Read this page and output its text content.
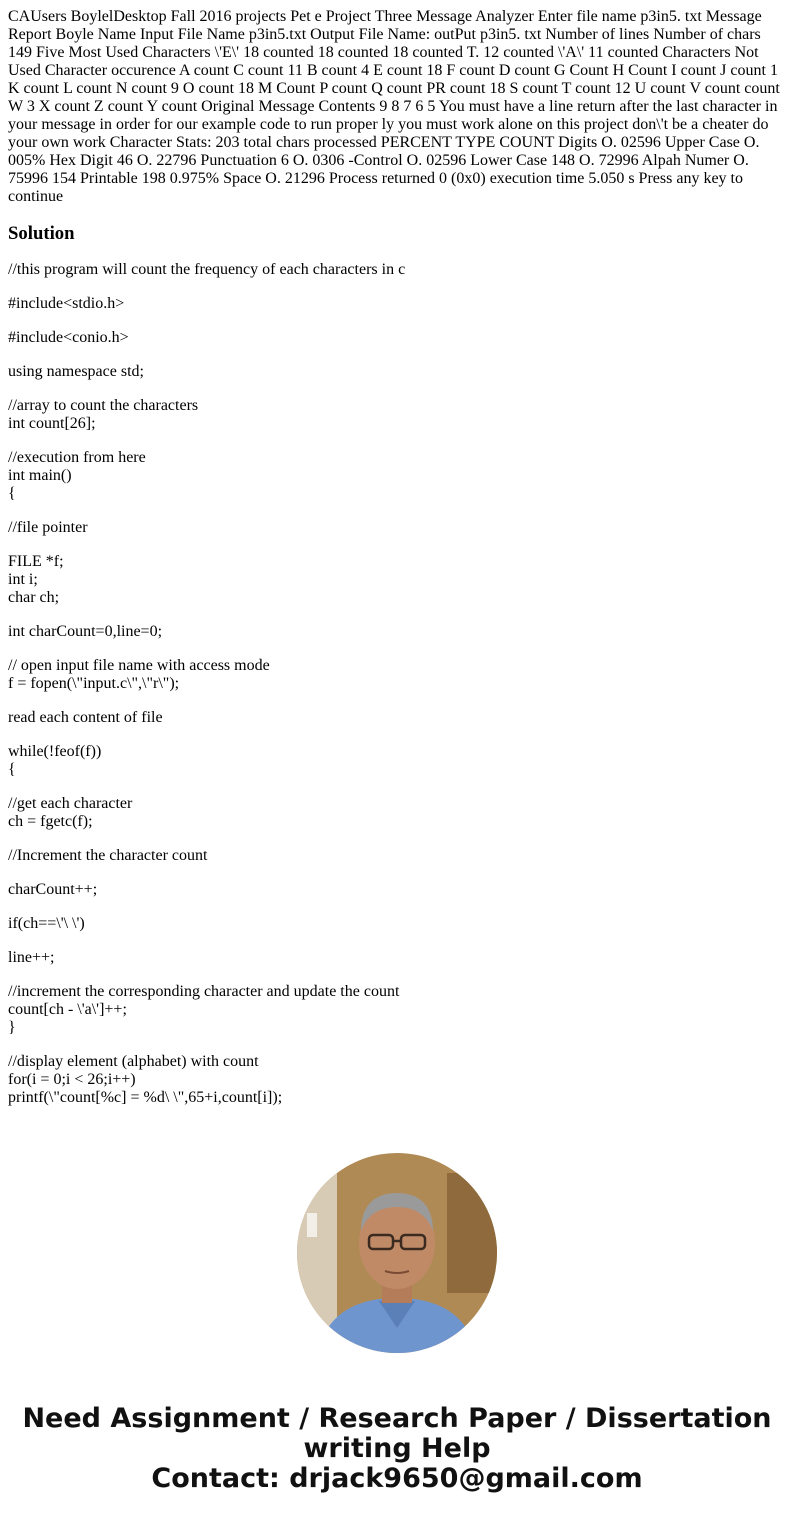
CAUsers BoylelDesktop Fall 2016 projects Pet e Project Three Message Analyzer Enter file name p3in5. txt Message Report Boyle Name Input File Name p3in5.txt Output File Name: outPut p3in5. txt Number of lines Number of chars 149 Five Most Used Characters \'E\' 18 counted 18 counted 18 counted T. 12 counted \'A\' 11 counted Characters Not Used Character occurence A count C count 11 B count 4 E count 18 F count D count G Count H Count I count J count 1 K count L count N count 9 O count 18 M Count P count Q count PR count 18 S count T count 12 U count V count count W 3 X count Z count Y count Original Message Contents 9 8 7 6 5 You must have a line return after the last character in your message in order for our example code to run proper ly you must work alone on this project don\'t be a cheater do your own work Character Stats: 203 total chars processed PERCENT TYPE COUNT Digits O. 02596 Upper Case O. 005% Hex Digit 46 O. 22796 Punctuation 6 O. 0306 -Control O. 02596 Lower Case 148 O. 72996 Alpah Numer O. 75996 154 Printable 198 0.975% Space O. 21296 Process returned 0 (0x0) execution time 5.050 s Press any key to continue

Solution

//this program will count the frequency of each characters in c

#include<stdio.h>

#include<conio.h>

using namespace std;

//array to count the characters
int count[26];

//execution from here
int main()
{

//file pointer

FILE *f;
int i;
char ch;

int charCount=0,line=0;

// open input file name with access mode
f = fopen(\"input.c\",\"r\");

read each content of file

while(!feof(f))
{

//get each character
ch = fgetc(f);

//Increment the character count

charCount++;

if(ch==\'\ \')

line++;

//increment the corresponding character and update the count
count[ch - \'a\']++;
}

//display element (alphabet) with count
for(i = 0;i < 26;i++)
printf(\"count[%c] = %d\ \",65+i,count[i]);

Need Assignment / Research Paper / Dissertation
writing Help
Contact: drjack9650@gmail.com
